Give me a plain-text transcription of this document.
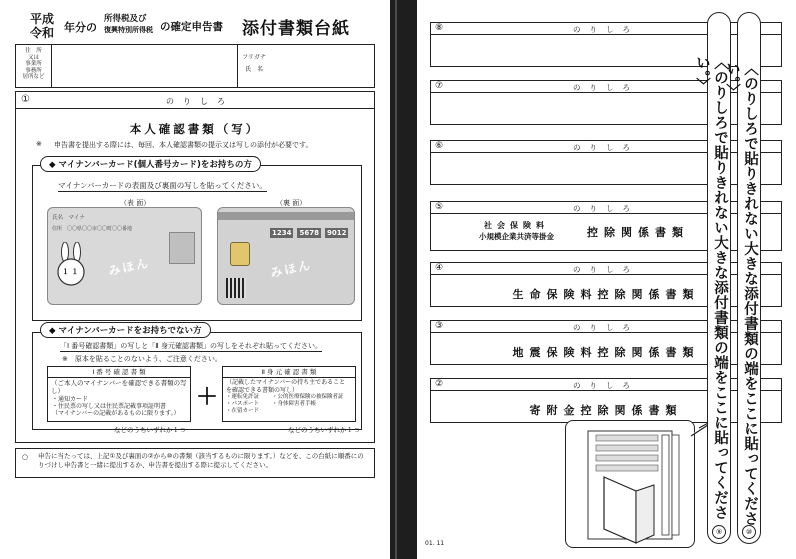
平成
令和 年分の
所得税及び
復興特別所得税 の確定申告書 添付書類台紙
住　所
又は
事業所
事務所
居所など
フリガナ
氏　名
①	のりしろ
本人確認書類（写）
※ 申告書を提出する際には、毎回、本人確認書類の提示又は写しの添付が必要です。
◆ マイナンバーカード(個人番号カード)をお持ちの方
マイナンバーカードの表面及び裏面の写しを貼ってください。
（表 面）	（裏 面）
氏名　マイナ
住所　〇〇県〇〇市〇〇町〇〇番地
１ １ みほん
1234 5678 9012
みほん
◆ マイナンバーカードをお持ちでない方
「Ⅰ 番号確認書類」の写しと「Ⅱ 身元確認書類」の写しをそれぞれ貼ってください。
※　原本を貼ることのないよう、ご注意ください。
Ⅰ 番 号 確 認 書 類
（ご本人のマイナンバーを確認できる書類の写し）
・通知カード
・住民票の写し又は住民票記載事項証明書
（マイナンバーの記載があるものに限ります。）
などのうちいずれか１つ
＋
Ⅱ 身 元 確 認 書 類
（記載したマイナンバーの持ち主であること
を確認できる書類の写し）
・運転免許証
・パスポート
・在留カード
・公的医療保険の被保険者証
・身体障害者手帳
などのうちいずれか１つ
○ 申告に当たっては、上記①及び裏面の②から⑩の書類（該当するものに限ります。）などを、この台紙に順番にのりづけし申告書と一緒に提出するか、申告書を提出する際に提示してください。
⑧	のりしろ
⑦	のりしろ
⑥	のりしろ
⑤	のりしろ
社会保険料
小規模企業共済等掛金	控除関係書類
④	のりしろ
生命保険料控除関係書類
③	のりしろ
地震保険料控除関係書類
②	のりしろ
寄附金控除関係書類
01. 11
〈のりしろで貼りきれない大きな添付書類の端をここに貼ってください。〉
⑨
〈のりしろで貼りきれない大きな添付書類の端をここに貼ってください。〉
⑩
